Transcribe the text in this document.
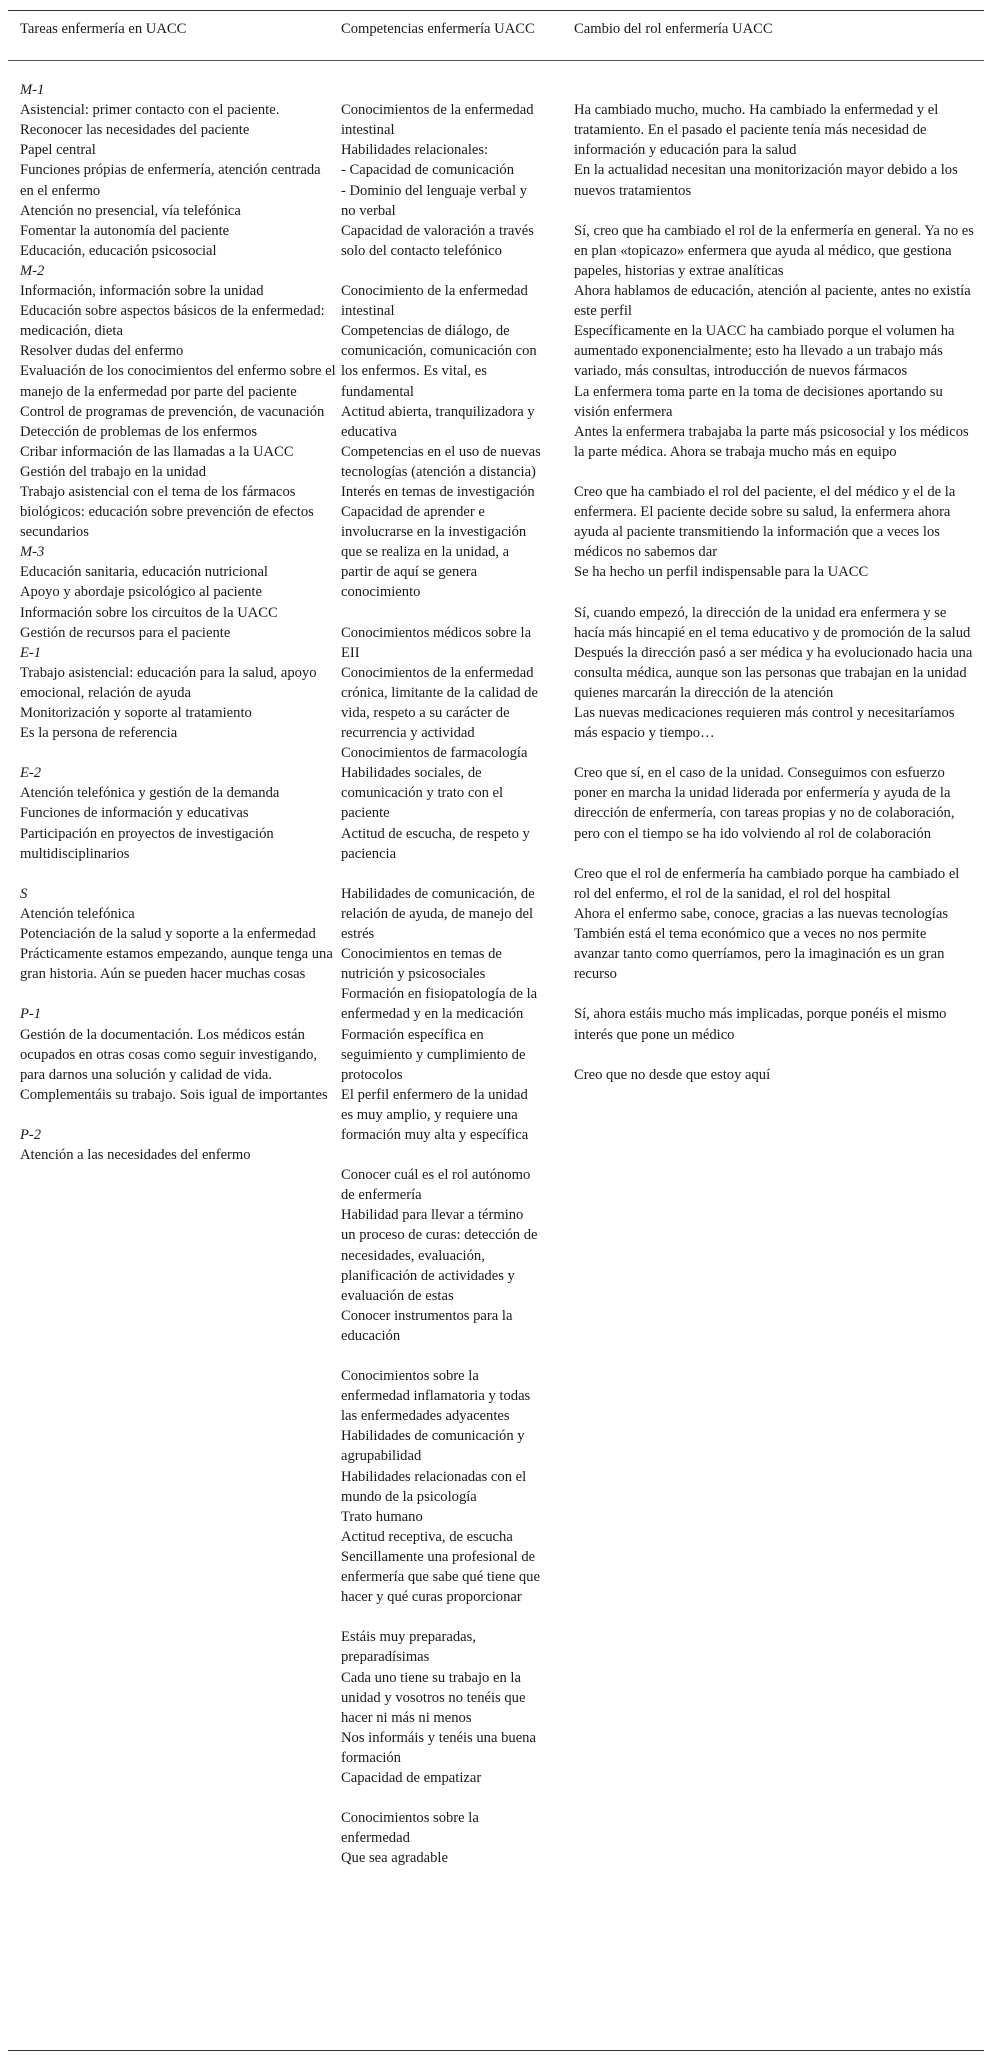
Tareas enfermería en UACC	Competencias enfermería UACC	Cambio del rol enfermería UACC

M-1

Asistencial: primer contacto con el paciente.

Reconocer las necesidades del paciente

Papel central

Funciones própias de enfermería, atención centrada en el enfermo

Atención no presencial, vía telefónica

Fomentar la autonomía del paciente

Educación, educación psicosocial

M-2

Información, información sobre la unidad

Educación sobre aspectos básicos de la enfermedad: medicación, dieta

Resolver dudas del enfermo

Evaluación de los conocimientos del enfermo sobre el manejo de la enfermedad por parte del paciente

Control de programas de prevención, de vacunación

Detección de problemas de los enfermos

Cribar información de las llamadas a la UACC

Gestión del trabajo en la unidad

Trabajo asistencial con el tema de los fármacos biológicos: educación sobre prevención de efectos secundarios

M-3

Educación sanitaria, educación nutricional

Apoyo y abordaje psicológico al paciente

Información sobre los circuitos de la UACC

Gestión de recursos para el paciente

E-1

Trabajo asistencial: educación para la salud, apoyo emocional, relación de ayuda

Monitorización y soporte al tratamiento

Es la persona de referencia

E-2

Atención telefónica y gestión de la demanda

Funciones de información y educativas

Participación en proyectos de investigación multidisciplinarios

S

Atención telefónica

Potenciación de la salud y soporte a la enfermedad

Prácticamente estamos empezando, aunque tenga una gran historia. Aún se pueden hacer muchas cosas

P-1

Gestión de la documentación. Los médicos están ocupados en otras cosas como seguir investigando, para darnos una solución y calidad de vida. Complementáis su trabajo. Sois igual de importantes

P-2

Atención a las necesidades del enfermo

Conocimientos de la enfermedad intestinal

Habilidades relacionales:

- Capacidad de comunicación

- Dominio del lenguaje verbal y no verbal

Capacidad de valoración a través solo del contacto telefónico

Conocimiento de la enfermedad intestinal

Competencias de diálogo, de comunicación, comunicación con los enfermos. Es vital, es fundamental

Actitud abierta, tranquilizadora y educativa

Competencias en el uso de nuevas tecnologías (atención a distancia)

Interés en temas de investigación

Capacidad de aprender e involucrarse en la investigación que se realiza en la unidad, a partir de aquí se genera conocimiento

Conocimientos médicos sobre la EII

Conocimientos de la enfermedad crónica, limitante de la calidad de vida, respeto a su carácter de recurrencia y actividad

Conocimientos de farmacología

Habilidades sociales, de comunicación y trato con el paciente

Actitud de escucha, de respeto y paciencia

Habilidades de comunicación, de relación de ayuda, de manejo del estrés

Conocimientos en temas de nutrición y psicosociales

Formación en fisiopatología de la enfermedad y en la medicación

Formación específica en seguimiento y cumplimiento de protocolos

El perfil enfermero de la unidad es muy amplio, y requiere una formación muy alta y específica

Conocer cuál es el rol autónomo de enfermería

Habilidad para llevar a término un proceso de curas: detección de necesidades, evaluación, planificación de actividades y evaluación de estas

Conocer instrumentos para la educación

Conocimientos sobre la enfermedad inflamatoria y todas las enfermedades adyacentes

Habilidades de comunicación y agrupabilidad

Habilidades relacionadas con el mundo de la psicología

Trato humano

Actitud receptiva, de escucha

Sencillamente una profesional de enfermería que sabe qué tiene que hacer y qué curas proporcionar

Estáis muy preparadas, preparadísimas

Cada uno tiene su trabajo en la unidad y vosotros no tenéis que hacer ni más ni menos

Nos informáis y tenéis una buena formación

Capacidad de empatizar

Conocimientos sobre la enfermedad

Que sea agradable

Ha cambiado mucho, mucho. Ha cambiado la enfermedad y el tratamiento. En el pasado el paciente tenía más necesidad de información y educación para la salud

En la actualidad necesitan una monitorización mayor debido a los nuevos tratamientos

Sí, creo que ha cambiado el rol de la enfermería en general. Ya no es en plan «topicazo» enfermera que ayuda al médico, que gestiona papeles, historias y extrae analíticas

Ahora hablamos de educación, atención al paciente, antes no existía este perfil

Específicamente en la UACC ha cambiado porque el volumen ha aumentado exponencialmente; esto ha llevado a un trabajo más variado, más consultas, introducción de nuevos fármacos

La enfermera toma parte en la toma de decisiones aportando su visión enfermera

Antes la enfermera trabajaba la parte más psicosocial y los médicos la parte médica. Ahora se trabaja mucho más en equipo

Creo que ha cambiado el rol del paciente, el del médico y el de la enfermera. El paciente decide sobre su salud, la enfermera ahora ayuda al paciente transmitiendo la información que a veces los médicos no sabemos dar

Se ha hecho un perfil indispensable para la UACC

Sí, cuando empezó, la dirección de la unidad era enfermera y se hacía más hincapié en el tema educativo y de promoción de la salud

Después la dirección pasó a ser médica y ha evolucionado hacia una consulta médica, aunque son las personas que trabajan en la unidad quienes marcarán la dirección de la atención

Las nuevas medicaciones requieren más control y necesitaríamos más espacio y tiempo…

Creo que sí, en el caso de la unidad. Conseguimos con esfuerzo poner en marcha la unidad liderada por enfermería y ayuda de la dirección de enfermería, con tareas propias y no de colaboración, pero con el tiempo se ha ido volviendo al rol de colaboración

Creo que el rol de enfermería ha cambiado porque ha cambiado el rol del enfermo, el rol de la sanidad, el rol del hospital

Ahora el enfermo sabe, conoce, gracias a las nuevas tecnologías

También está el tema económico que a veces no nos permite avanzar tanto como querríamos, pero la imaginación es un gran recurso

Sí, ahora estáis mucho más implicadas, porque ponéis el mismo interés que pone un médico

Creo que no desde que estoy aquí
